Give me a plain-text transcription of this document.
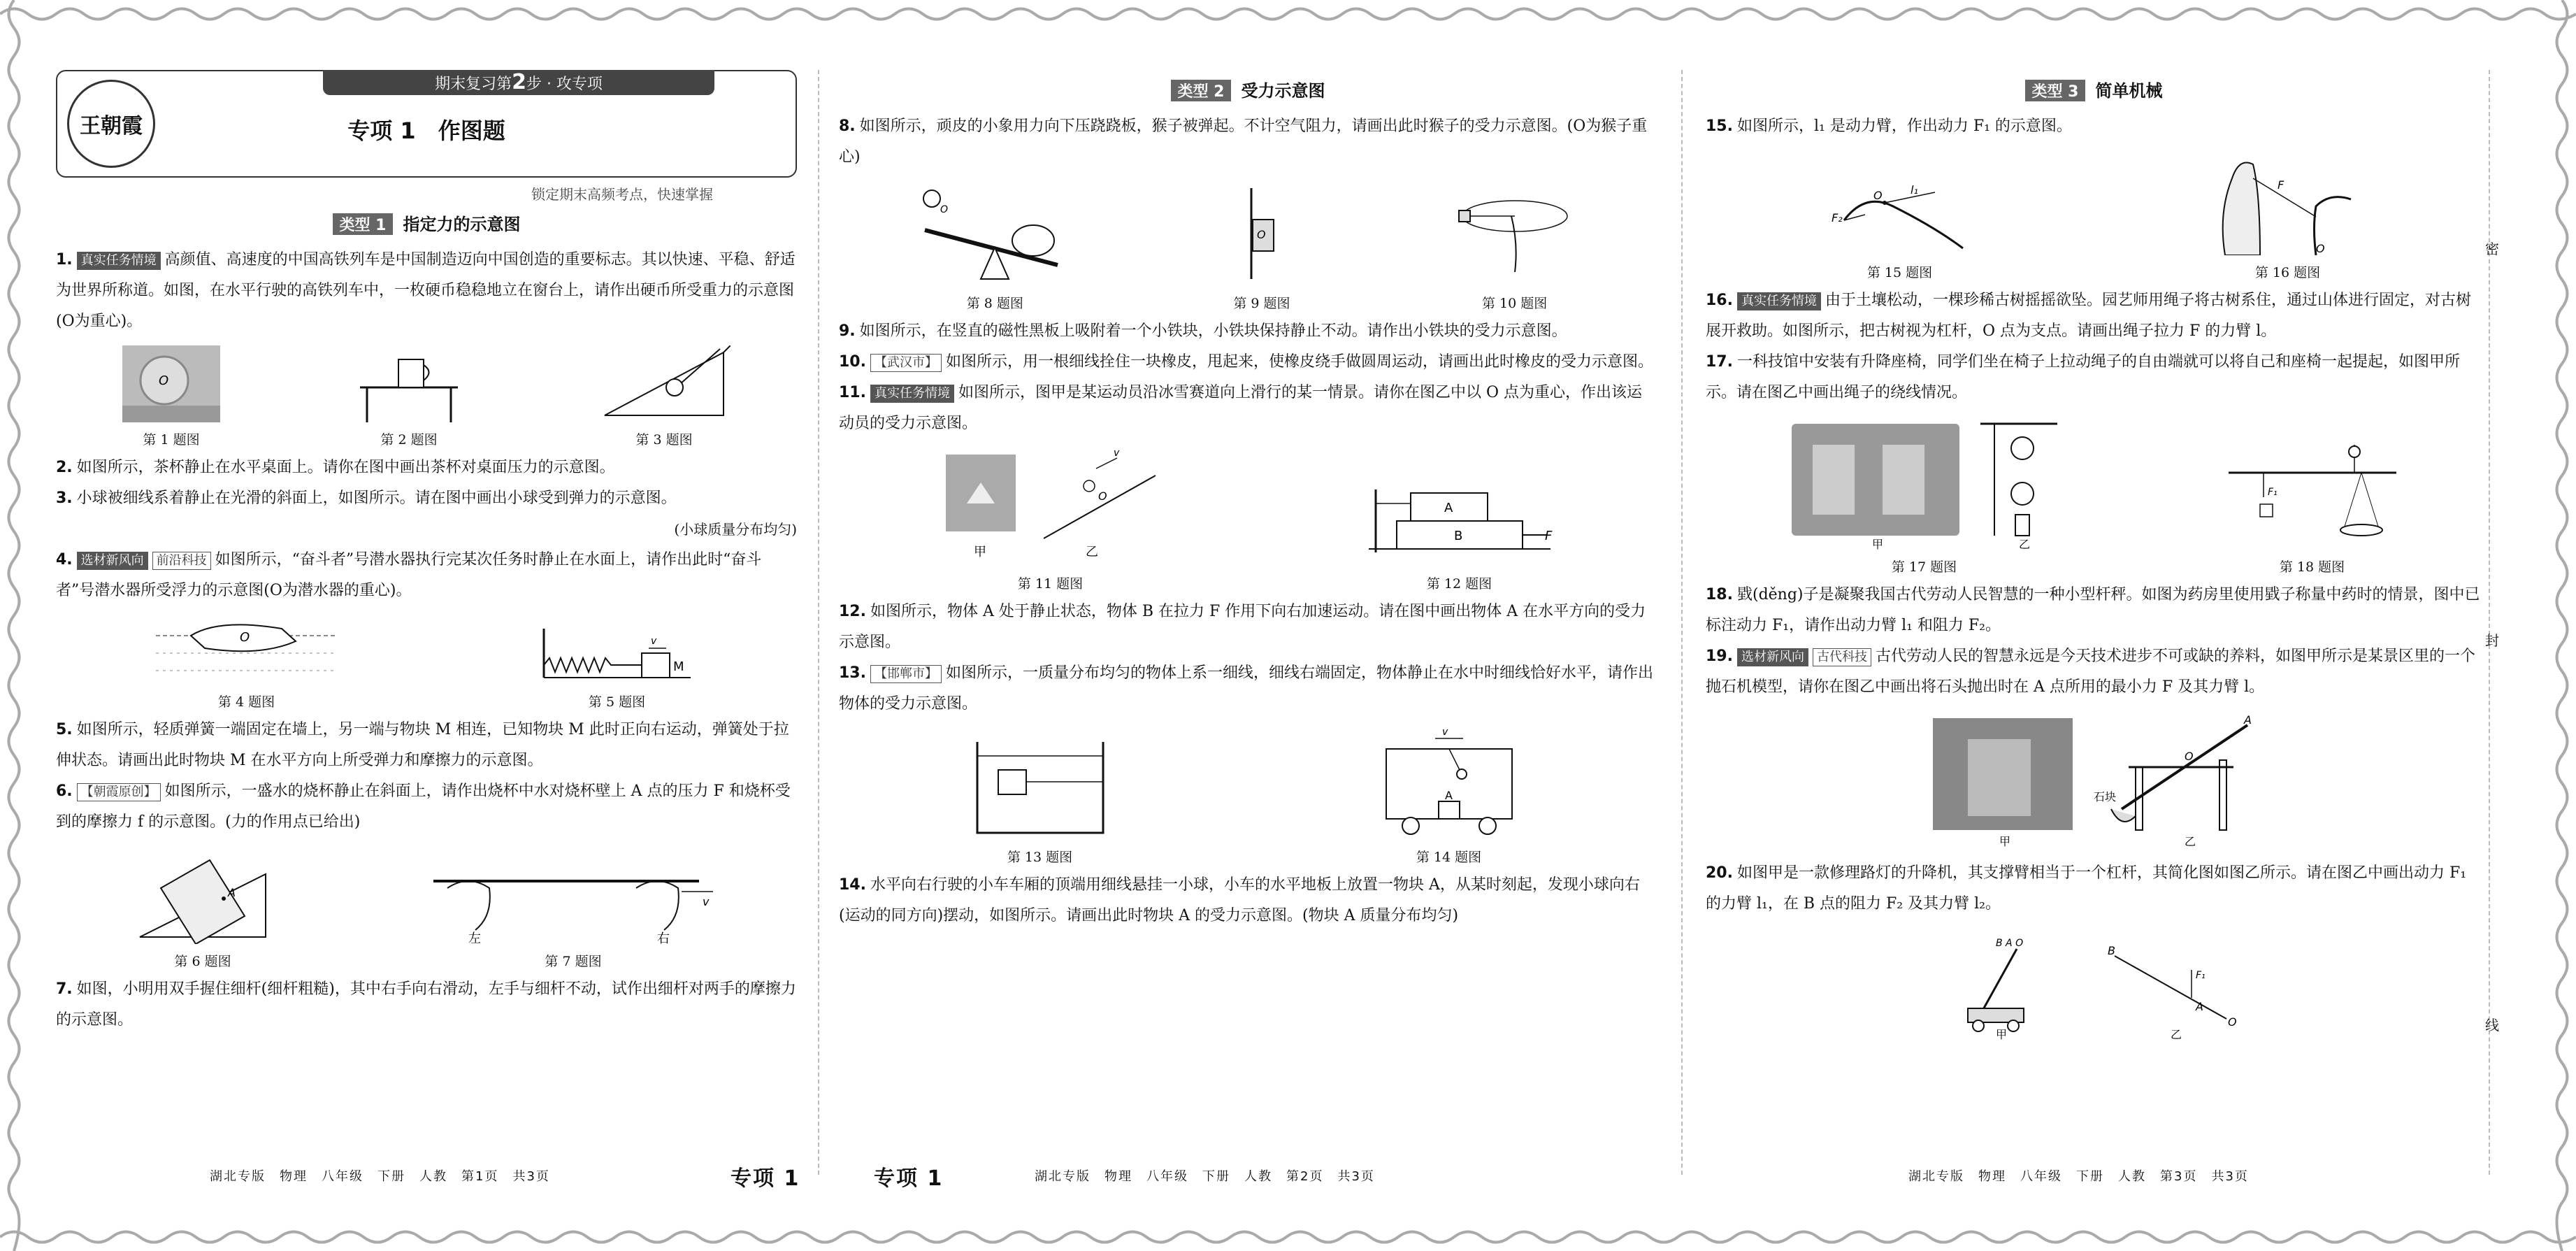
王朝霞
期末复习第2步 · 攻专项
专项 1　作图题
锁定期末高频考点，快速掌握
类型 1 指定力的示意图
1. 真实任务情境 高颜值、高速度的中国高铁列车是中国制造迈向中国创造的重要标志。其以快速、平稳、舒适为世界所称道。如图，在水平行驶的高铁列车中，一枚硬币稳稳地立在窗台上，请作出硬币所受重力的示意图(O为重心)。
O
第 1 题图	第 2 题图	第 3 题图
2. 如图所示，茶杯静止在水平桌面上。请你在图中画出茶杯对桌面压力的示意图。
3. 小球被细线系着静止在光滑的斜面上，如图所示。请在图中画出小球受到弹力的示意图。
(小球质量分布均匀)
4. 选材新风向 前沿科技 如图所示，“奋斗者”号潜水器执行完某次任务时静止在水面上，请作出此时“奋斗者”号潜水器所受浮力的示意图(O为潜水器的重心)。
O
第 4 题图
M
v
第 5 题图
5. 如图所示，轻质弹簧一端固定在墙上，另一端与物块 M 相连，已知物块 M 此时正向右运动，弹簧处于拉伸状态。请画出此时物块 M 在水平方向上所受弹力和摩擦力的示意图。
6. 【朝霞原创】 如图所示，一盛水的烧杯静止在斜面上，请作出烧杯中水对烧杯壁上 A 点的压力 F 和烧杯受到的摩擦力 f 的示意图。(力的作用点已给出)
A
第 6 题图
v
左	右
第 7 题图
7. 如图，小明用双手握住细杆(细杆粗糙)，其中右手向右滑动，左手与细杆不动，试作出细杆对两手的摩擦力的示意图。
湖北专版　物理　八年级　下册　人教　第1页　共3页	专项 1
类型 2 受力示意图
8. 如图所示，顽皮的小象用力向下压跷跷板，猴子被弹起。不计空气阻力，请画出此时猴子的受力示意图。(O为猴子重心)
O
第 8 题图
O
第 9 题图	第 10 题图
9. 如图所示，在竖直的磁性黑板上吸附着一个小铁块，小铁块保持静止不动。请作出小铁块的受力示意图。
10. 【武汉市】 如图所示，用一根细线拴住一块橡皮，甩起来，使橡皮绕手做圆周运动，请画出此时橡皮的受力示意图。
11. 真实任务情境 如图所示，图甲是某运动员沿冰雪赛道向上滑行的某一情景。请你在图乙中以 O 点为重心，作出该运动员的受力示意图。
甲
O
v
乙
第 11 题图
A
B	F
第 12 题图
12. 如图所示，物体 A 处于静止状态，物体 B 在拉力 F 作用下向右加速运动。请在图中画出物体 A 在水平方向的受力示意图。
13. 【邯郸市】 如图所示，一质量分布均匀的物体上系一细线，细线右端固定，物体静止在水中时细线恰好水平，请作出物体的受力示意图。
第 13 题图
A
v
第 14 题图
14. 水平向右行驶的小车车厢的顶端用细线悬挂一小球，小车的水平地板上放置一物块 A，从某时刻起，发现小球向右(运动的同方向)摆动，如图所示。请画出此时物块 A 的受力示意图。(物块 A 质量分布均匀)
专项 1	湖北专版　物理　八年级　下册　人教　第2页　共3页
类型 3 简单机械
15. 如图所示，l₁ 是动力臂，作出动力 F₁ 的示意图。
F₂
O	l₁
第 15 题图
F
O
第 16 题图
16. 真实任务情境 由于土壤松动，一棵珍稀古树摇摇欲坠。园艺师用绳子将古树系住，通过山体进行固定，对古树展开救助。如图所示，把古树视为杠杆，O 点为支点。请画出绳子拉力 F 的力臂 l。
17. 一科技馆中安装有升降座椅，同学们坐在椅子上拉动绳子的自由端就可以将自己和座椅一起提起，如图甲所示。请在图乙中画出绳子的绕线情况。
甲	乙
第 17 题图
F₁
第 18 题图
18. 戥(děng)子是凝聚我国古代劳动人民智慧的一种小型杆秤。如图为药房里使用戥子称量中药时的情景，图中已标注动力 F₁，请作出动力臂 l₁ 和阻力 F₂。
19. 选材新风向 古代科技 古代劳动人民的智慧永远是今天技术进步不可或缺的养料，如图甲所示是某景区里的一个抛石机模型，请你在图乙中画出将石头抛出时在 A 点所用的最小力 F 及其力臂 l。
甲
A
O
石块
乙
20. 如图甲是一款修理路灯的升降机，其支撑臂相当于一个杠杆，其简化图如图乙所示。请在图乙中画出动力 F₁ 的力臂 l₁，在 B 点的阻力 F₂ 及其力臂 l₂。
B A O
甲
B
F₁
A
O
乙
湖北专版　物理　八年级　下册　人教　第3页　共3页
密
封
线
